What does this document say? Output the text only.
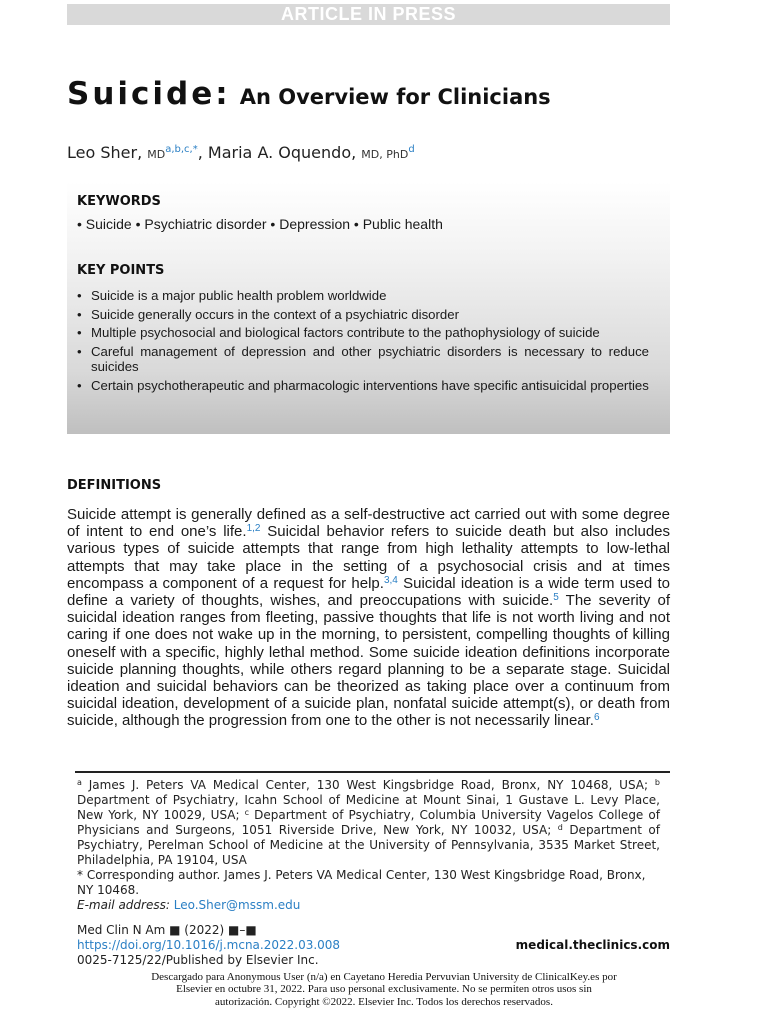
ARTICLE IN PRESS
Suicide: An Overview for Clinicians
Leo Sher, $MD^{a,b,c,*}$, Maria A. Oquendo, MD, PhD$^d$
KEYWORDS
• Suicide • Psychiatric disorder • Depression • Public health
KEY POINTS
• Suicide is a major public health problem worldwide
• Suicide generally occurs in the context of a psychiatric disorder
• Multiple psychosocial and biological factors contribute to the pathophysiology of suicide
• Careful management of depression and other psychiatric disorders is necessary to reduce suicides
• Certain psychotherapeutic and pharmacologic interventions have specific antisuicidal properties
DEFINITIONS

Suicide attempt is generally defined as a self-destructive act carried out with some degree of intent to end one’s life.$^{1,2}$ Suicidal behavior refers to suicide death but also includes various types of suicide attempts that range from high lethality attempts to low-lethal attempts that may take place in the setting of a psychosocial crisis and at times encompass a component of a request for help.$^{3,4}$ Suicidal ideation is a wide term used to define a variety of thoughts, wishes, and preoccupations with suicide.$^5$ The severity of suicidal ideation ranges from fleeting, passive thoughts that life is not worth living and not caring if one does not wake up in the morning, to persistent, compelling thoughts of killing oneself with a specific, highly lethal method. Some suicide ideation definitions incorporate suicide planning thoughts, while others regard planning to be a separate stage. Suicidal ideation and suicidal behaviors can be theorized as taking place over a continuum from suicidal ideation, development of a suicide plan, nonfatal suicide attempt(s), or death from suicide, although the progression from one to the other is not necessarily linear.$^6$

$^a$ James J. Peters VA Medical Center, 130 West Kingsbridge Road, Bronx, NY 10468, USA; $^b$ Department of Psychiatry, Icahn School of Medicine at Mount Sinai, 1 Gustave L. Levy Place, New York, NY 10029, USA; $^c$ Department of Psychiatry, Columbia University Vagelos College of Physicians and Surgeons, 1051 Riverside Drive, New York, NY 10032, USA; $^d$ Department of Psychiatry, Perelman School of Medicine at the University of Pennsylvania, 3535 Market Street, Philadelphia, PA 19104, USA

* Corresponding author. James J. Peters VA Medical Center, 130 West Kingsbridge Road, Bronx, NY 10468.

E-mail address: Leo.Sher@mssm.edu
Med Clin N Am ■ (2022) ■–■
https://doi.org/10.1016/j.mcna.2022.03.008
0025-7125/22/Published by Elsevier Inc.
medical.theclinics.com

Descargado para Anonymous User (n/a) en Cayetano Heredia Pervuvian University de ClinicalKey.es por Elsevier en octubre 31, 2022. Para uso personal exclusivamente. No se permiten otros usos sin autorización. Copyright ©2022. Elsevier Inc. Todos los derechos reservados.
